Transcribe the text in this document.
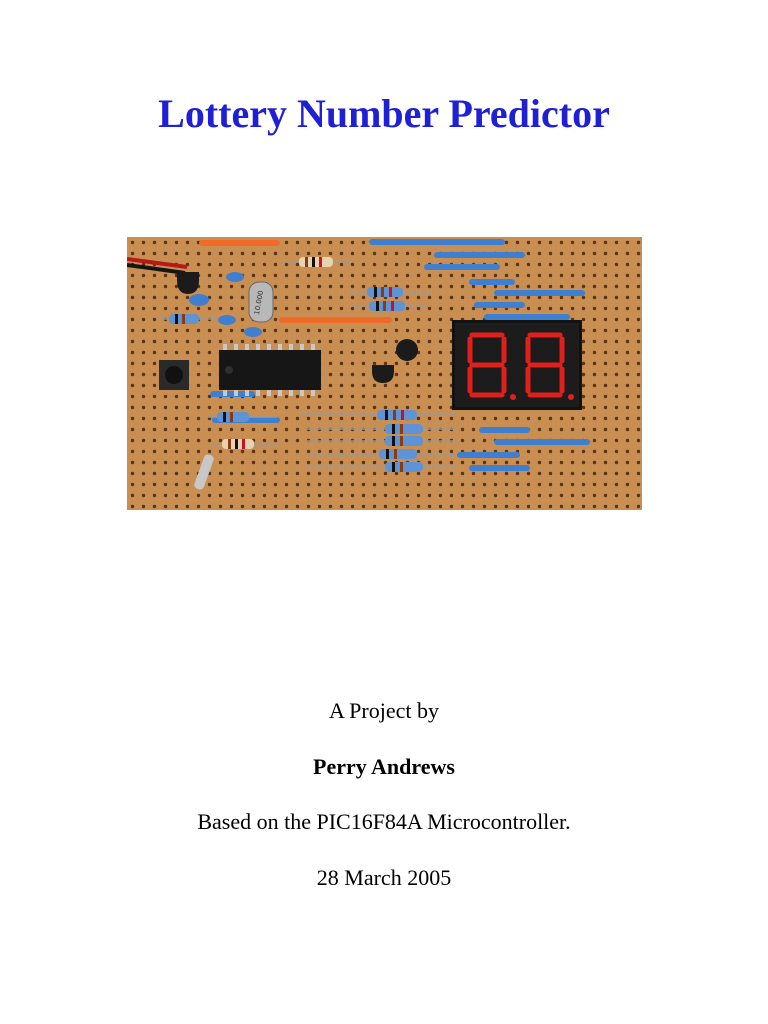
Lottery Number Predictor
10.000

A Project by

Perry Andrews

Based on the PIC16F84A Microcontroller.

28 March 2005
